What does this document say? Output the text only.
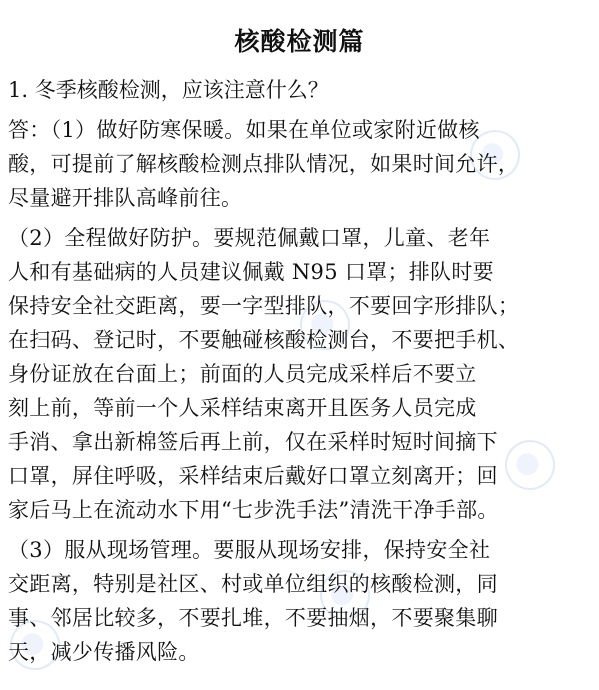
核酸检测篇
1. 冬季核酸检测，应该注意什么？
答：（1）做好防寒保暖。如果在单位或家附近做核
酸，可提前了解核酸检测点排队情况，如果时间允许，
尽量避开排队高峰前往。
（2）全程做好防护。要规范佩戴口罩，儿童、老年
人和有基础病的人员建议佩戴 N95 口罩；排队时要
保持安全社交距离，要一字型排队，不要回字形排队；
在扫码、登记时，不要触碰核酸检测台，不要把手机、
身份证放在台面上；前面的人员完成采样后不要立
刻上前，等前一个人采样结束离开且医务人员完成
手消、拿出新棉签后再上前，仅在采样时短时间摘下
口罩，屏住呼吸，采样结束后戴好口罩立刻离开；回
家后马上在流动水下用“七步洗手法”清洗干净手部。
（3）服从现场管理。要服从现场安排，保持安全社
交距离，特别是社区、村或单位组织的核酸检测，同
事、邻居比较多，不要扎堆，不要抽烟，不要聚集聊
天，减少传播风险。
